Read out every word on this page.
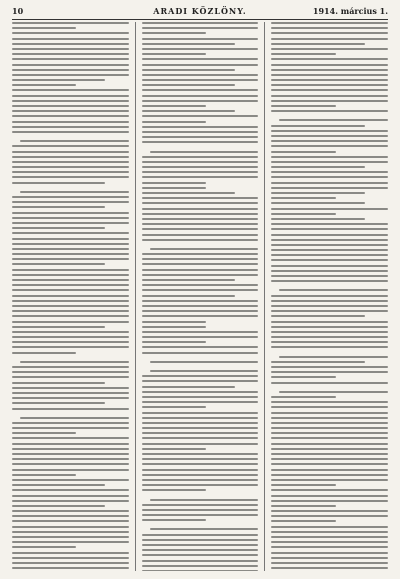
10	ARADI KÖZLÖNY.	1914. március 1.
